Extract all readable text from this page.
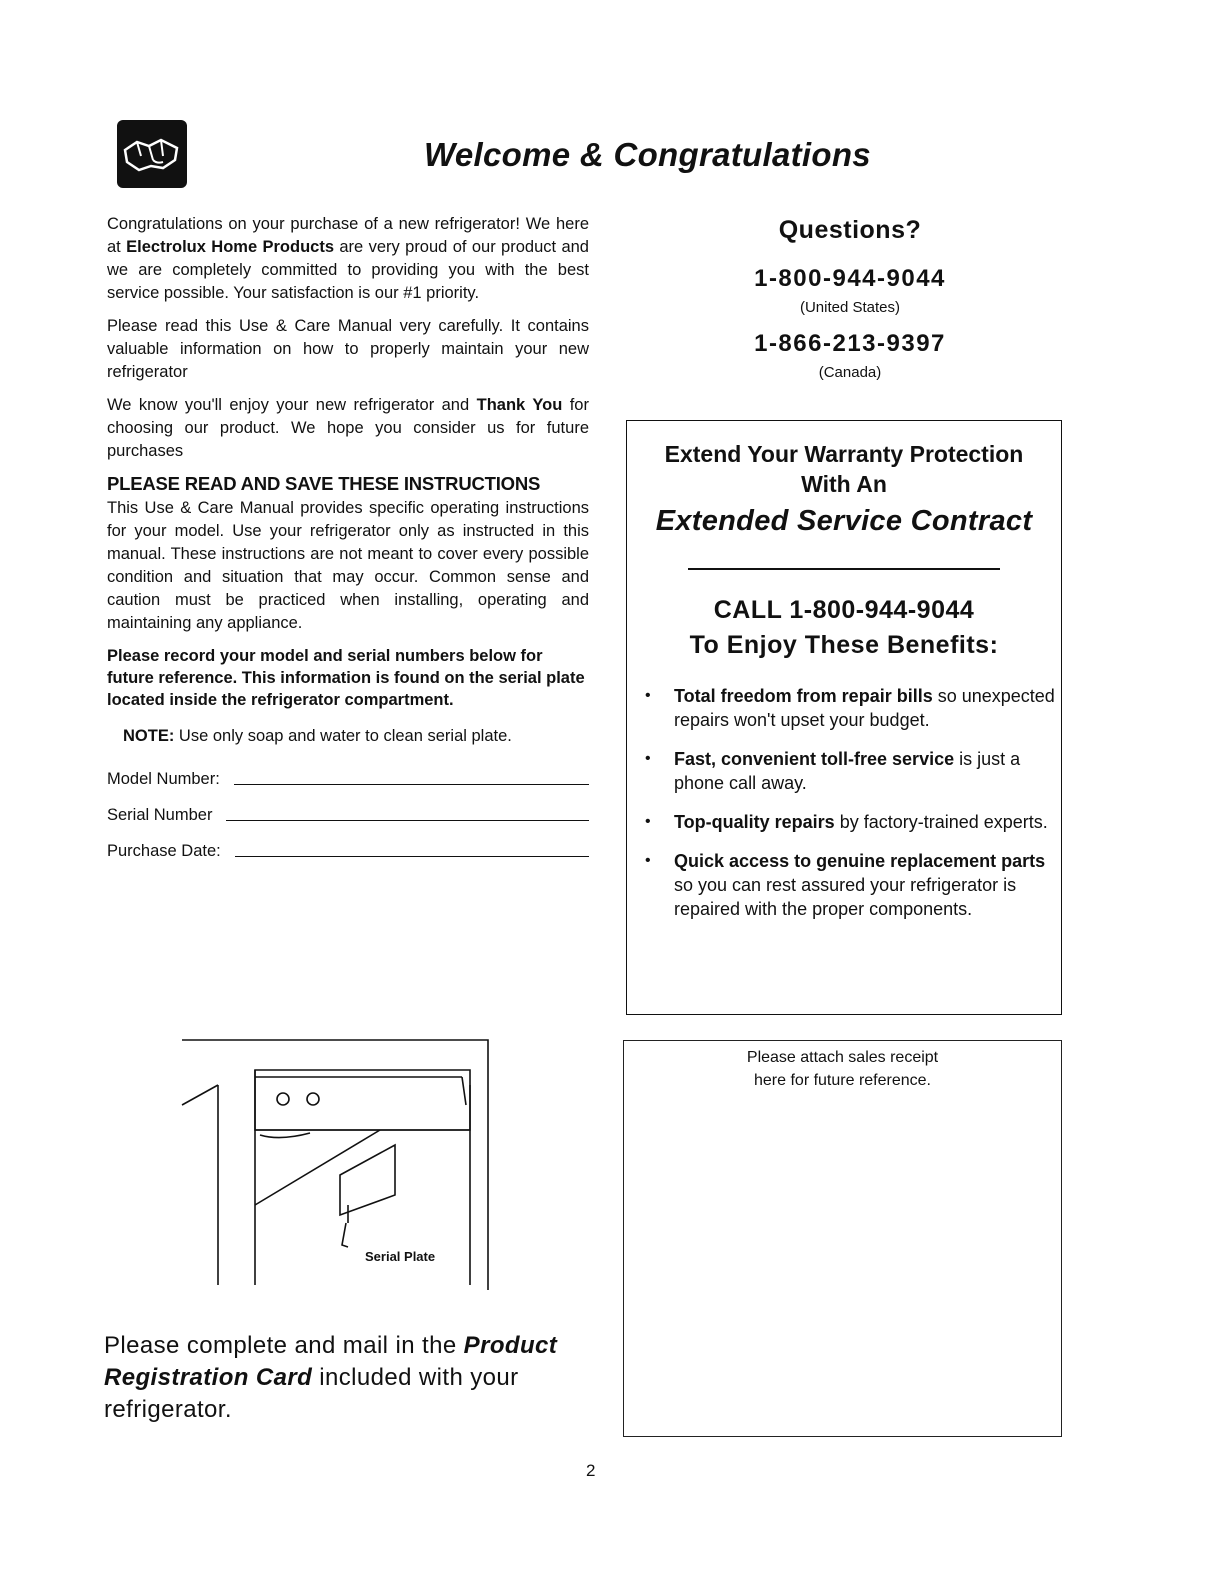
Welcome & Congratulations

Congratulations on your purchase of a new refrigerator! We here at Electrolux Home Products are very proud of our product and we are completely committed to providing you with the best service possible. Your satisfaction is our #1 priority.

Please read this Use & Care Manual very carefully. It contains valuable information on how to properly maintain your new refrigerator

We know you'll enjoy your new refrigerator and Thank You for choosing our product. We hope you consider us for future purchases

PLEASE READ AND SAVE THESE INSTRUCTIONS

This Use & Care Manual provides specific operating instructions for your model. Use your refrigerator only as instructed in this manual. These instructions are not meant to cover every possible condition and situation that may occur. Common sense and caution must be practiced when installing, operating and maintaining any appliance.

Please record your model and serial numbers below for future reference. This information is found on the serial plate located inside the refrigerator compartment.

NOTE: Use only soap and water to clean serial plate.

Model Number:
Serial Number
Purchase Date:
Serial Plate
Questions?
1-800-944-9044
(United States)
1-866-213-9397
(Canada)
Extend Your Warranty Protection
With An
Extended Service Contract
CALL 1-800-944-9044
To Enjoy These Benefits:
• Total freedom from repair bills so unexpected repairs won't upset your budget.
• Fast, convenient toll-free service is just a phone call away.
• Top-quality repairs by factory-trained experts.
• Quick access to genuine replacement parts so you can rest assured your refrigerator is repaired with the proper components.
Please attach sales receipt
here for future reference.
Please complete and mail in the Product Registration Card included with your refrigerator.
2
